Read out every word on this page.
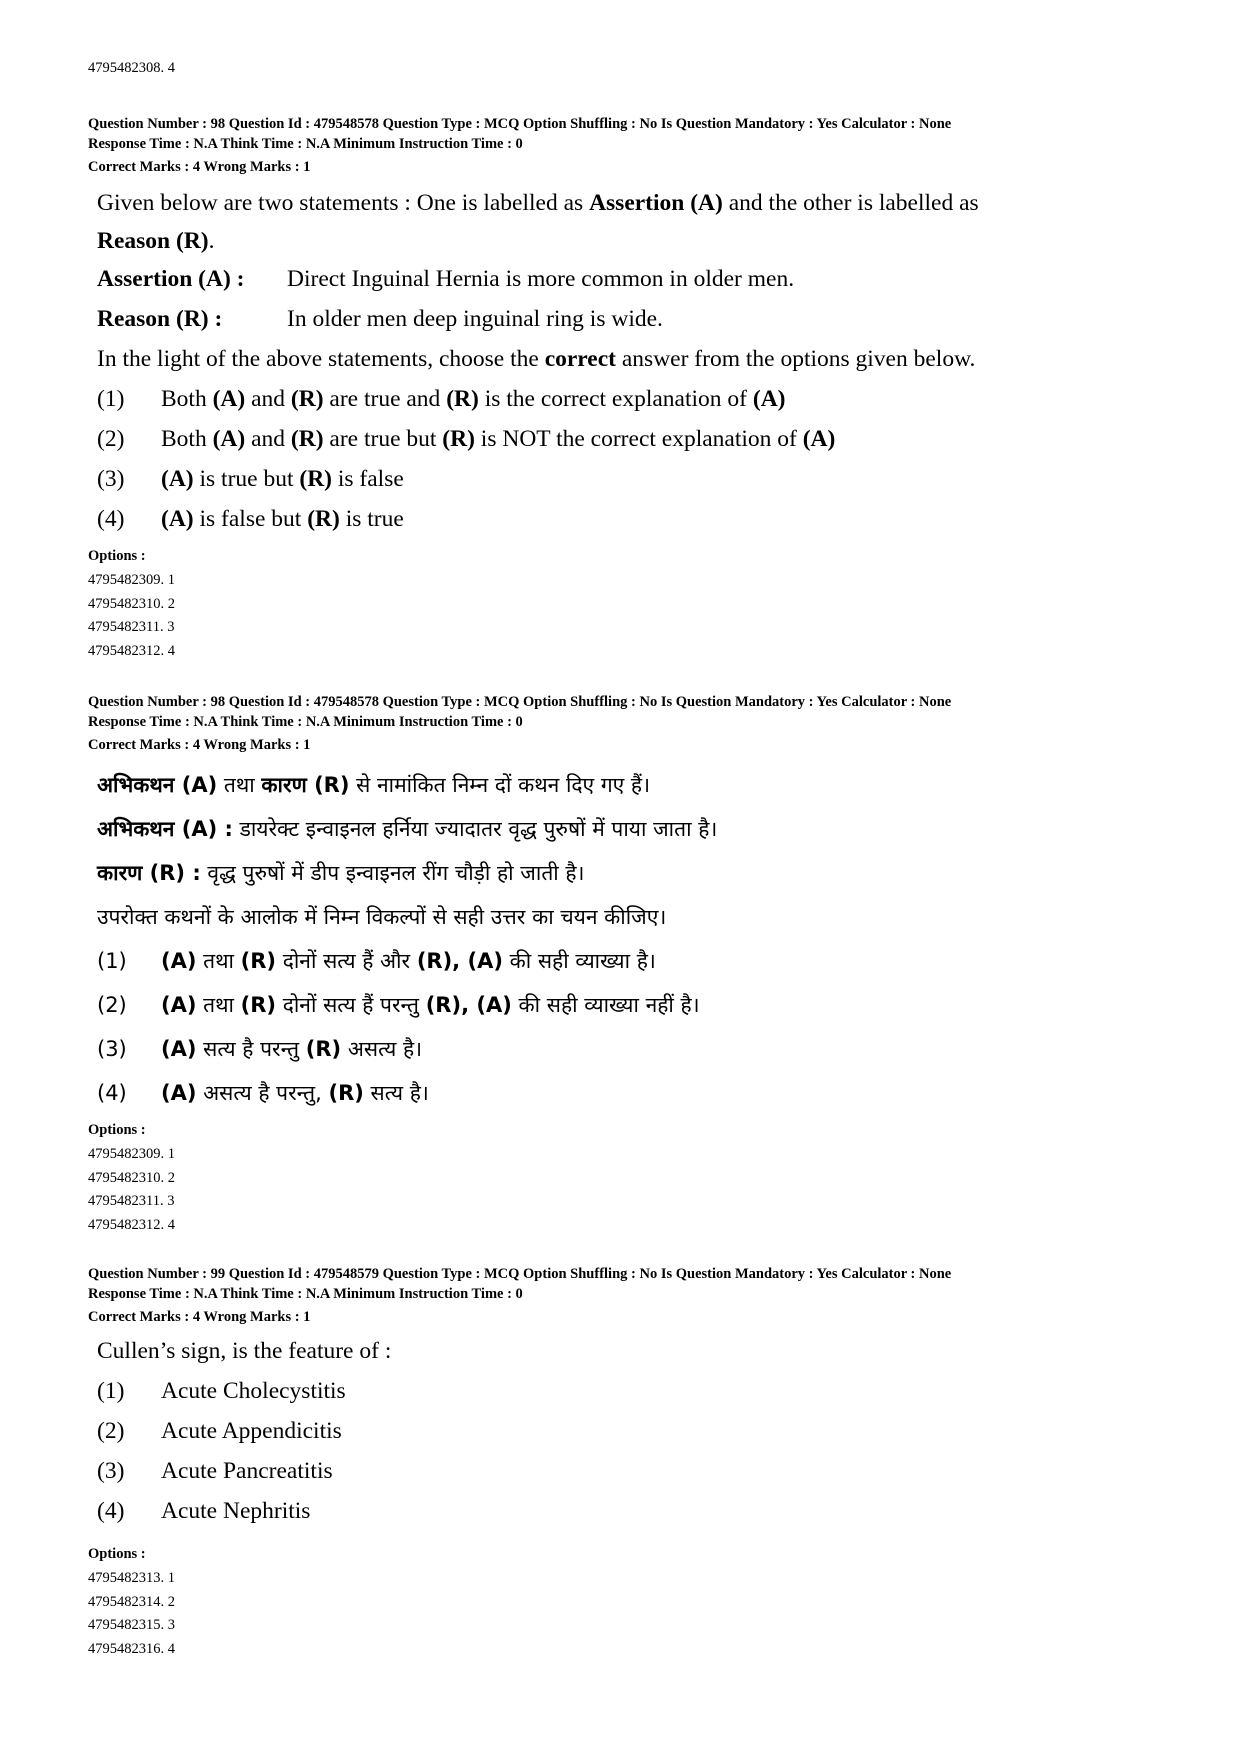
4795482308. 4
Question Number : 98 Question Id : 479548578 Question Type : MCQ Option Shuffling : No Is Question Mandatory : Yes Calculator : None
Response Time : N.A Think Time : N.A Minimum Instruction Time : 0
Correct Marks : 4 Wrong Marks : 1
Given below are two statements : One is labelled as Assertion (A) and the other is labelled as
Reason (R).
Assertion (A) : Direct Inguinal Hernia is more common in older men.
Reason (R) :	In older men deep inguinal ring is wide.
In the light of the above statements, choose the correct answer from the options given below.
(1) Both (A) and (R) are true and (R) is the correct explanation of (A)
(2) Both (A) and (R) are true but (R) is NOT the correct explanation of (A)
(3) (A) is true but (R) is false
(4) (A) is false but (R) is true
Options :
4795482309. 1
4795482310. 2
4795482311. 3
4795482312. 4
Question Number : 98 Question Id : 479548578 Question Type : MCQ Option Shuffling : No Is Question Mandatory : Yes Calculator : None
Response Time : N.A Think Time : N.A Minimum Instruction Time : 0
Correct Marks : 4 Wrong Marks : 1
अभिकथन (A) तथा कारण (R) से नामांकित निम्न दों कथन दिए गए हैं।
अभिकथन (A) : डायरेक्ट इन्वाइनल हर्निया ज्यादातर वृद्ध पुरुषों में पाया जाता है।
कारण (R) : वृद्ध पुरुषों में डीप इन्वाइनल रींग चौड़ी हो जाती है।
उपरोक्त कथनों के आलोक में निम्न विकल्पों से सही उत्तर का चयन कीजिए।
(1) (A) तथा (R) दोनों सत्य हैं और (R), (A) की सही व्याख्या है।
(2) (A) तथा (R) दोनों सत्य हैं परन्तु (R), (A) की सही व्याख्या नहीं है।
(3) (A) सत्य है परन्तु (R) असत्य है।
(4) (A) असत्य है परन्तु, (R) सत्य है।
Options :
4795482309. 1
4795482310. 2
4795482311. 3
4795482312. 4
Question Number : 99 Question Id : 479548579 Question Type : MCQ Option Shuffling : No Is Question Mandatory : Yes Calculator : None
Response Time : N.A Think Time : N.A Minimum Instruction Time : 0
Correct Marks : 4 Wrong Marks : 1
Cullen’s sign, is the feature of :
(1) Acute Cholecystitis
(2) Acute Appendicitis
(3) Acute Pancreatitis
(4) Acute Nephritis
Options :
4795482313. 1
4795482314. 2
4795482315. 3
4795482316. 4
